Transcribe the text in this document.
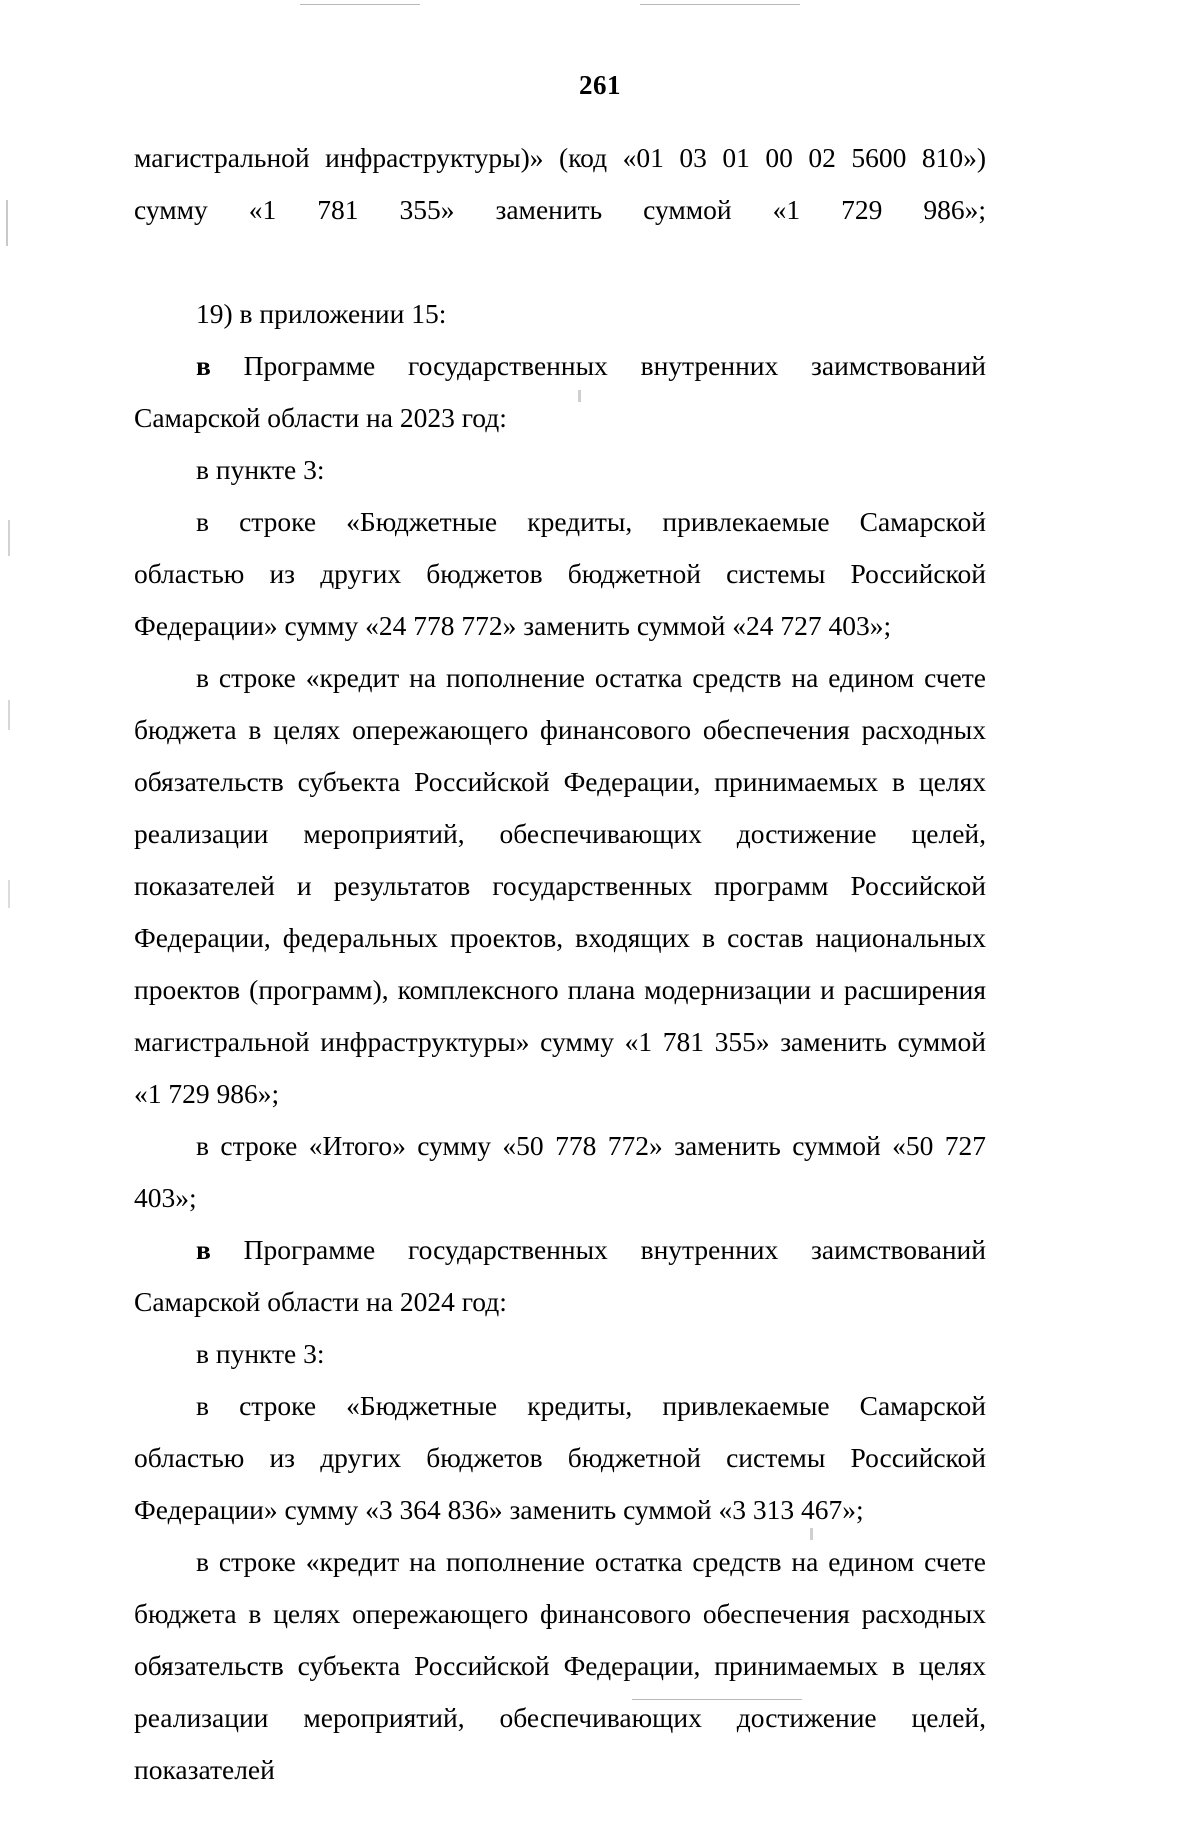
261

магистральной инфраструктуры)» (код «01 03 01 00 02 5600 810») сумму «1 781 355» заменить суммой «1 729 986»;

19) в приложении 15:

в Программе государственных внутренних заимствований Самарской области на 2023 год:

в пункте 3:

в строке «Бюджетные кредиты, привлекаемые Самарской областью из других бюджетов бюджетной системы Российской Федерации» сумму «24 778 772» заменить суммой «24 727 403»;

в строке «кредит на пополнение остатка средств на едином счете бюджета в целях опережающего финансового обеспечения расходных обязательств субъекта Российской Федерации, принимаемых в целях реализации мероприятий, обеспечивающих достижение целей, показателей и результатов государственных программ Российской Федерации, федеральных проектов, входящих в состав национальных проектов (программ), комплексного плана модернизации и расширения магистральной инфраструктуры» сумму «1 781 355» заменить суммой «1 729 986»;

в строке «Итого» сумму «50 778 772» заменить суммой «50 727 403»;

в Программе государственных внутренних заимствований Самарской области на 2024 год:

в пункте 3:

в строке «Бюджетные кредиты, привлекаемые Самарской областью из других бюджетов бюджетной системы Российской Федерации» сумму «3 364 836» заменить суммой «3 313 467»;

в строке «кредит на пополнение остатка средств на едином счете бюджета в целях опережающего финансового обеспечения расходных обязательств субъекта Российской Федерации, принимаемых в целях реализации мероприятий, обеспечивающих достижение целей, показателей
